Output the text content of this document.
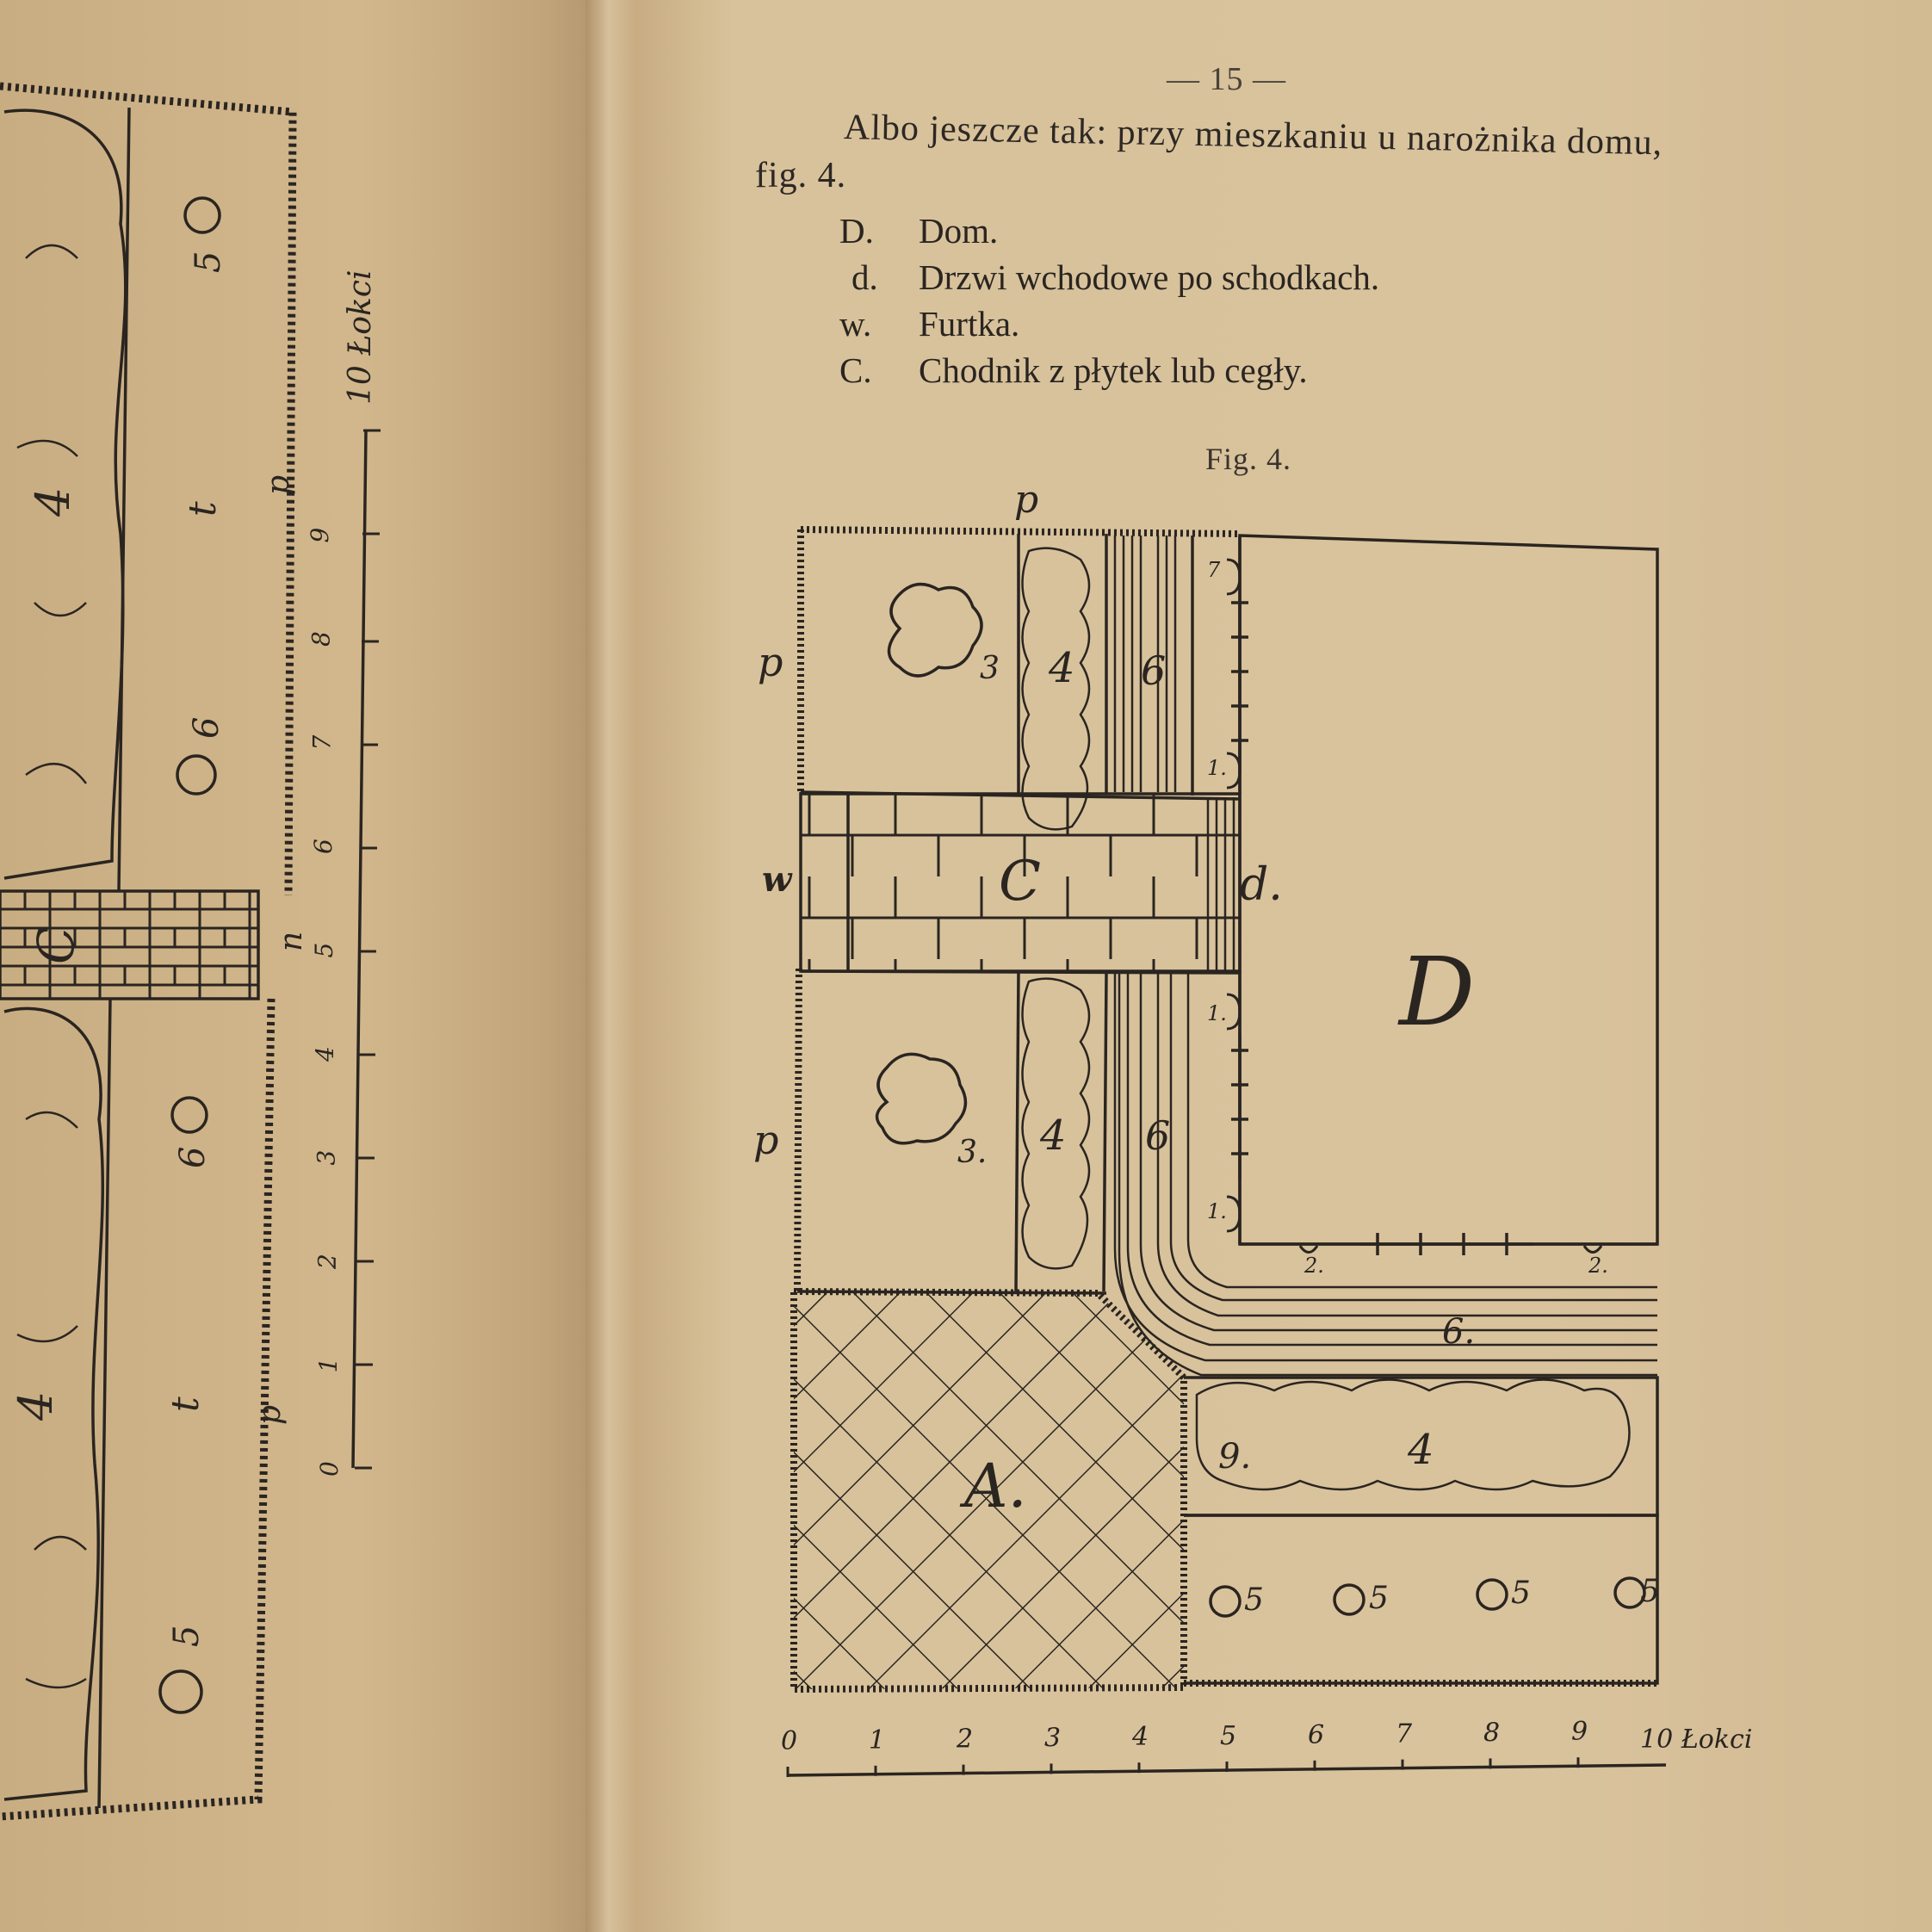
4
4
C
t
t
5
6
6
5
p
p
n
0
1
2
3
4
5
6
7
8
9
10 Łokci
— 15 —
Albo jeszcze tak: przy mieszkaniu u narożnika domu,
fig. 4.
D.	Dom.
d.	Drzwi wchodowe po schodkach.
w.	Furtka.
C.	Chodnik z płytek lub cegły.
Fig. 4.
D
d.
w	C
A.
p
p
p
3 4 6
3. 4 6
6.
9.	4
5	5	5	5
7
1.
1.
1.
2.	2.
0	1	2	3	4	5	6	7	8	9 10 Łokci
